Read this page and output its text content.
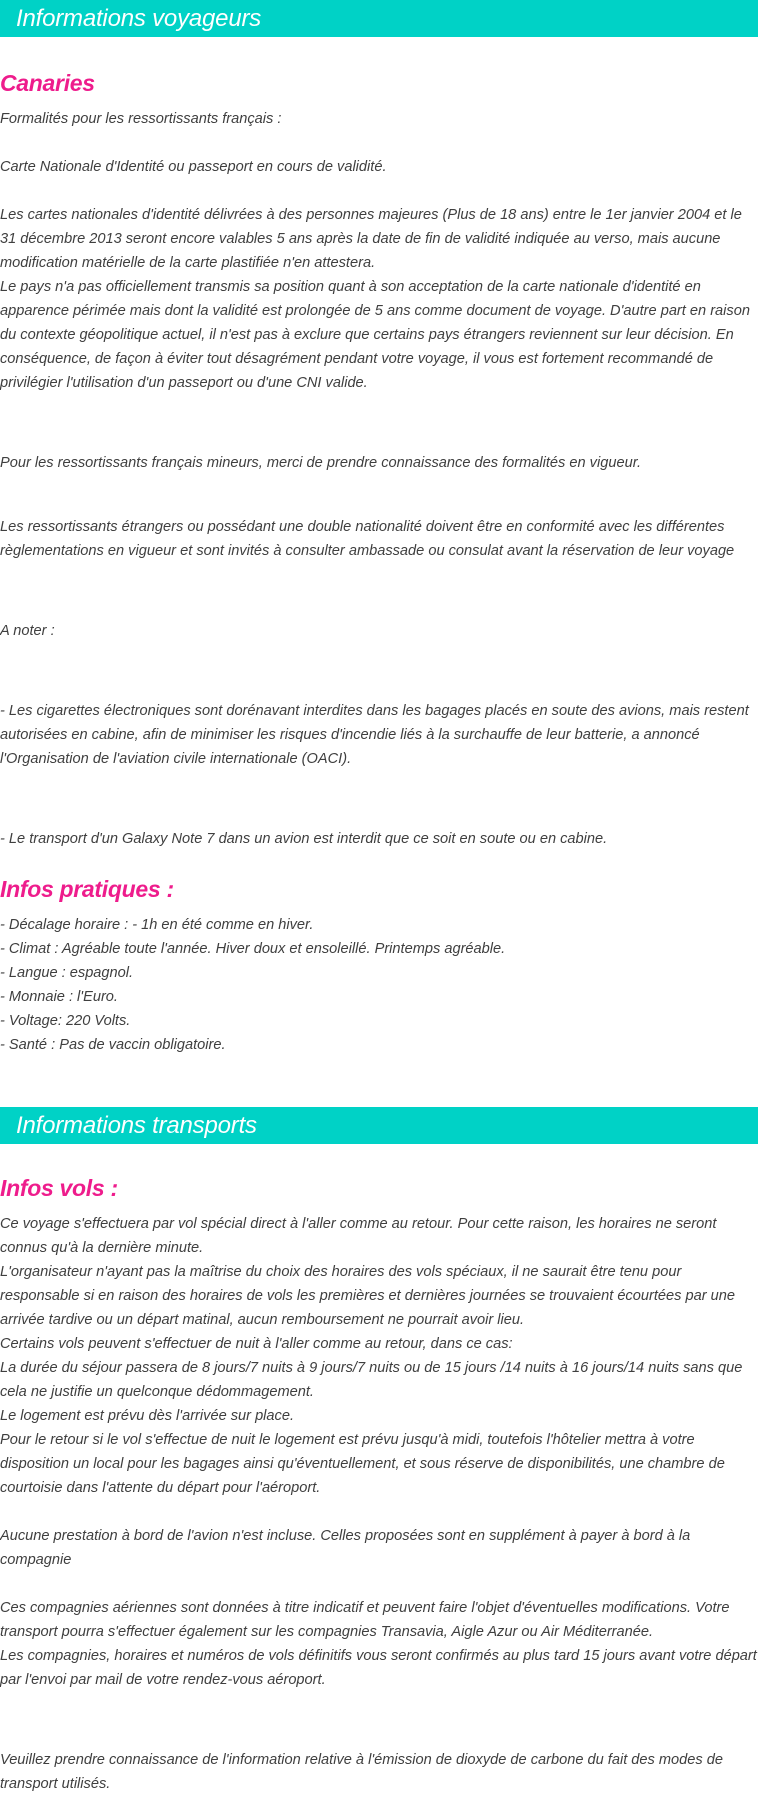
Informations voyageurs
Canaries

Formalités pour les ressortissants français :

Carte Nationale d'Identité ou passeport en cours de validité.

Les cartes nationales d'identité délivrées à des personnes majeures (Plus de 18 ans) entre le 1er janvier 2004 et le 31 décembre 2013 seront encore valables 5 ans après la date de fin de validité indiquée au verso, mais aucune modification matérielle de la carte plastifiée n'en attestera.
Le pays n'a pas officiellement transmis sa position quant à son acceptation de la carte nationale d'identité en apparence périmée mais dont la validité est prolongée de 5 ans comme document de voyage. D'autre part en raison du contexte géopolitique actuel, il n'est pas à exclure que certains pays étrangers reviennent sur leur décision. En conséquence, de façon à éviter tout désagrément pendant votre voyage, il vous est fortement recommandé de privilégier l'utilisation d'un passeport ou d'une CNI valide.

Pour les ressortissants français mineurs, merci de prendre connaissance des formalités en vigueur.

Les ressortissants étrangers ou possédant une double nationalité doivent être en conformité avec les différentes règlementations en vigueur et sont invités à consulter ambassade ou consulat avant la réservation de leur voyage

A noter :

- Les cigarettes électroniques sont dorénavant interdites dans les bagages placés en soute des avions, mais restent autorisées en cabine, afin de minimiser les risques d'incendie liés à la surchauffe de leur batterie, a annoncé l'Organisation de l'aviation civile internationale (OACI).

- Le transport d'un Galaxy Note 7 dans un avion est interdit que ce soit en soute ou en cabine.

Infos pratiques :

- Décalage horaire : - 1h en été comme en hiver.

- Climat : Agréable toute l'année. Hiver doux et ensoleillé. Printemps agréable.

- Langue : espagnol.

- Monnaie : l'Euro.

- Voltage: 220 Volts.

- Santé : Pas de vaccin obligatoire.

Informations transports
Infos vols :

Ce voyage s'effectuera par vol spécial direct à l'aller comme au retour. Pour cette raison, les horaires ne seront connus qu'à la dernière minute.
L'organisateur n'ayant pas la maîtrise du choix des horaires des vols spéciaux, il ne saurait être tenu pour responsable si en raison des horaires de vols les premières et dernières journées se trouvaient écourtées par une arrivée tardive ou un départ matinal, aucun remboursement ne pourrait avoir lieu.
Certains vols peuvent s'effectuer de nuit à l'aller comme au retour, dans ce cas:
La durée du séjour passera de 8 jours/7 nuits à 9 jours/7 nuits ou de 15 jours /14 nuits à 16 jours/14 nuits sans que cela ne justifie un quelconque dédommagement.
Le logement est prévu dès l'arrivée sur place.
Pour le retour si le vol s'effectue de nuit le logement est prévu jusqu'à midi, toutefois l'hôtelier mettra à votre disposition un local pour les bagages ainsi qu'éventuellement, et sous réserve de disponibilités, une chambre de courtoisie dans l'attente du départ pour l'aéroport.

Aucune prestation à bord de l'avion n'est incluse. Celles proposées sont en supplément à payer à bord à la compagnie

Ces compagnies aériennes sont données à titre indicatif et peuvent faire l'objet d'éventuelles modifications. Votre transport pourra s'effectuer également sur les compagnies Transavia, Aigle Azur ou Air Méditerranée.
Les compagnies, horaires et numéros de vols définitifs vous seront confirmés au plus tard 15 jours avant votre départ par l'envoi par mail de votre rendez-vous aéroport.

Veuillez prendre connaissance de l'information relative à l'émission de dioxyde de carbone du fait des modes de transport utilisés.
